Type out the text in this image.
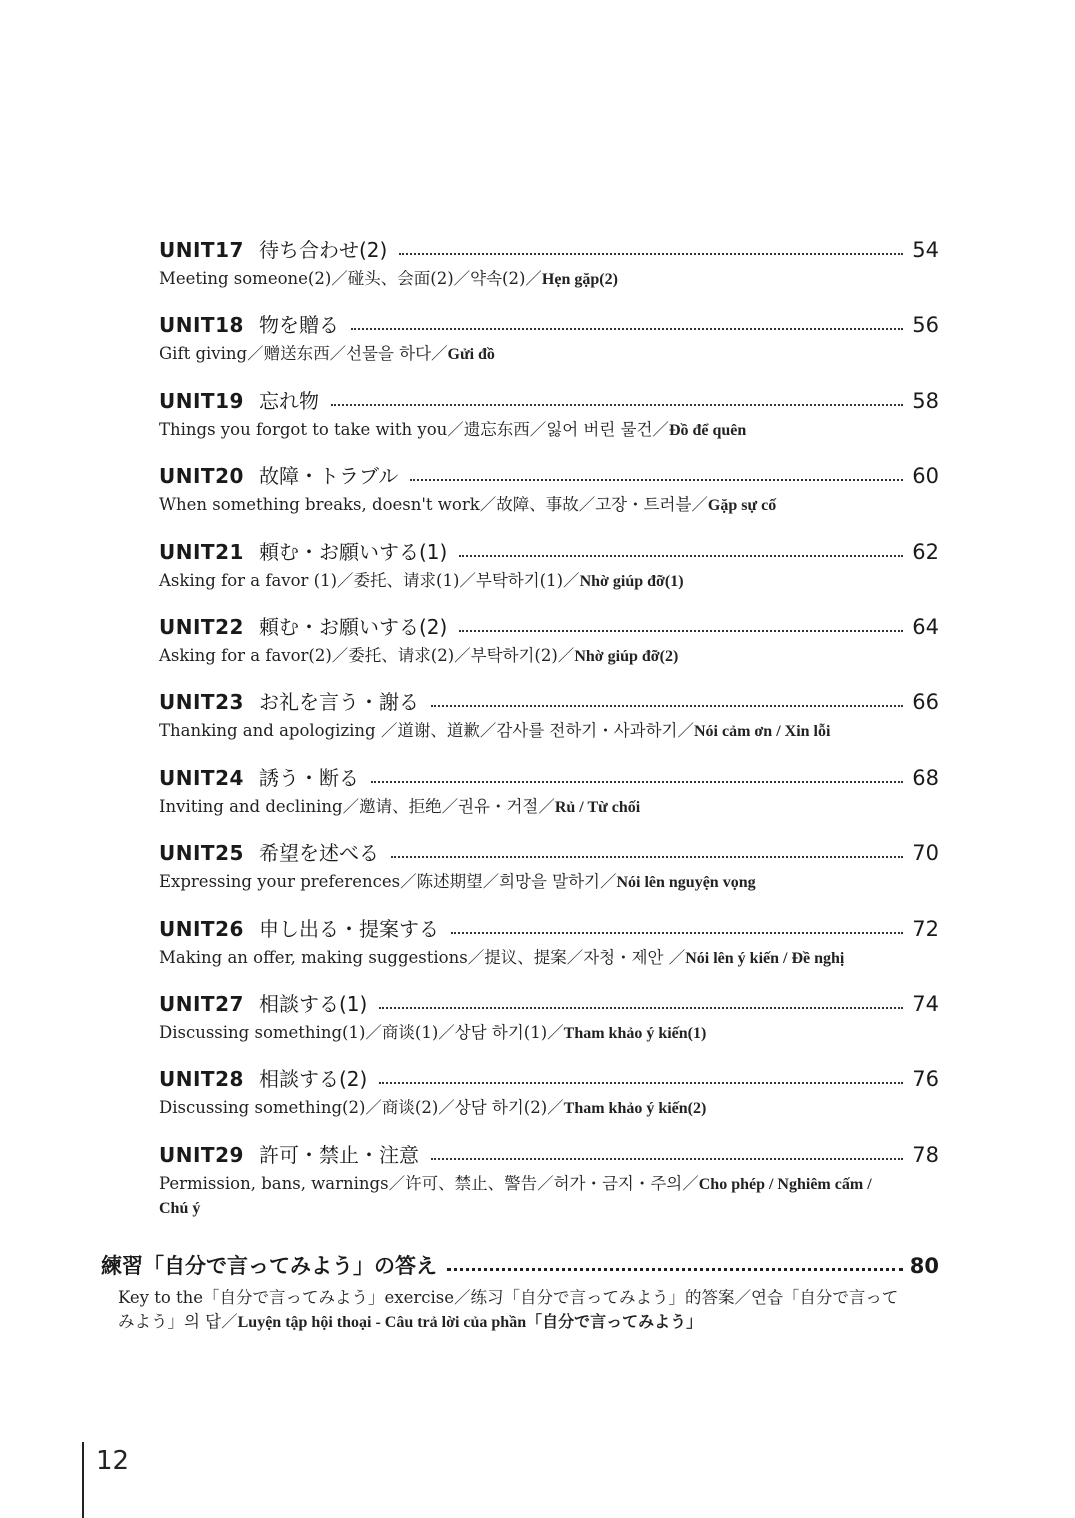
UNIT17 待ち合わせ(2)	54
Meeting someone(2)／碰头、会面(2)／약속(2)／Hẹn gặp(2)
UNIT18 物を贈る	56
Gift giving／赠送东西／선물을 하다／Gửi đồ
UNIT19 忘れ物	58
Things you forgot to take with you／遗忘东西／잃어 버린 물건／Đồ để quên
UNIT20 故障・トラブル	60
When something breaks, doesn't work／故障、事故／고장・트러블／Gặp sự cố
UNIT21 頼む・お願いする(1)	62
Asking for a favor (1)／委托、请求(1)／부탁하기(1)／Nhờ giúp đỡ(1)
UNIT22 頼む・お願いする(2)	64
Asking for a favor(2)／委托、请求(2)／부탁하기(2)／Nhờ giúp đỡ(2)
UNIT23 お礼を言う・謝る	66
Thanking and apologizing ／道谢、道歉／감사를 전하기・사과하기／Nói cảm ơn / Xin lỗi
UNIT24 誘う・断る	68
Inviting and declining／邀请、拒绝／권유・거절／Rủ / Từ chối
UNIT25 希望を述べる	70
Expressing your preferences／陈述期望／희망을 말하기／Nói lên nguyện vọng
UNIT26 申し出る・提案する	72
Making an offer, making suggestions／提议、提案／자청・제안 ／Nói lên ý kiến / Đề nghị
UNIT27 相談する(1)	74
Discussing something(1)／商谈(1)／상담 하기(1)／Tham khảo ý kiến(1)
UNIT28 相談する(2)	76
Discussing something(2)／商谈(2)／상담 하기(2)／Tham khảo ý kiến(2)
UNIT29 許可・禁止・注意	78
Permission, bans, warnings／许可、禁止、警告／허가・금지・주의／Cho phép / Nghiêm cấm / Chú ý
練習「自分で言ってみよう」の答え	80
Key to the「自分で言ってみよう」exercise／练习「自分で言ってみよう」的答案／연습「自分で言ってみよう」의 답／Luyện tập hội thoại - Câu trả lời của phần「自分で言ってみよう」
12
